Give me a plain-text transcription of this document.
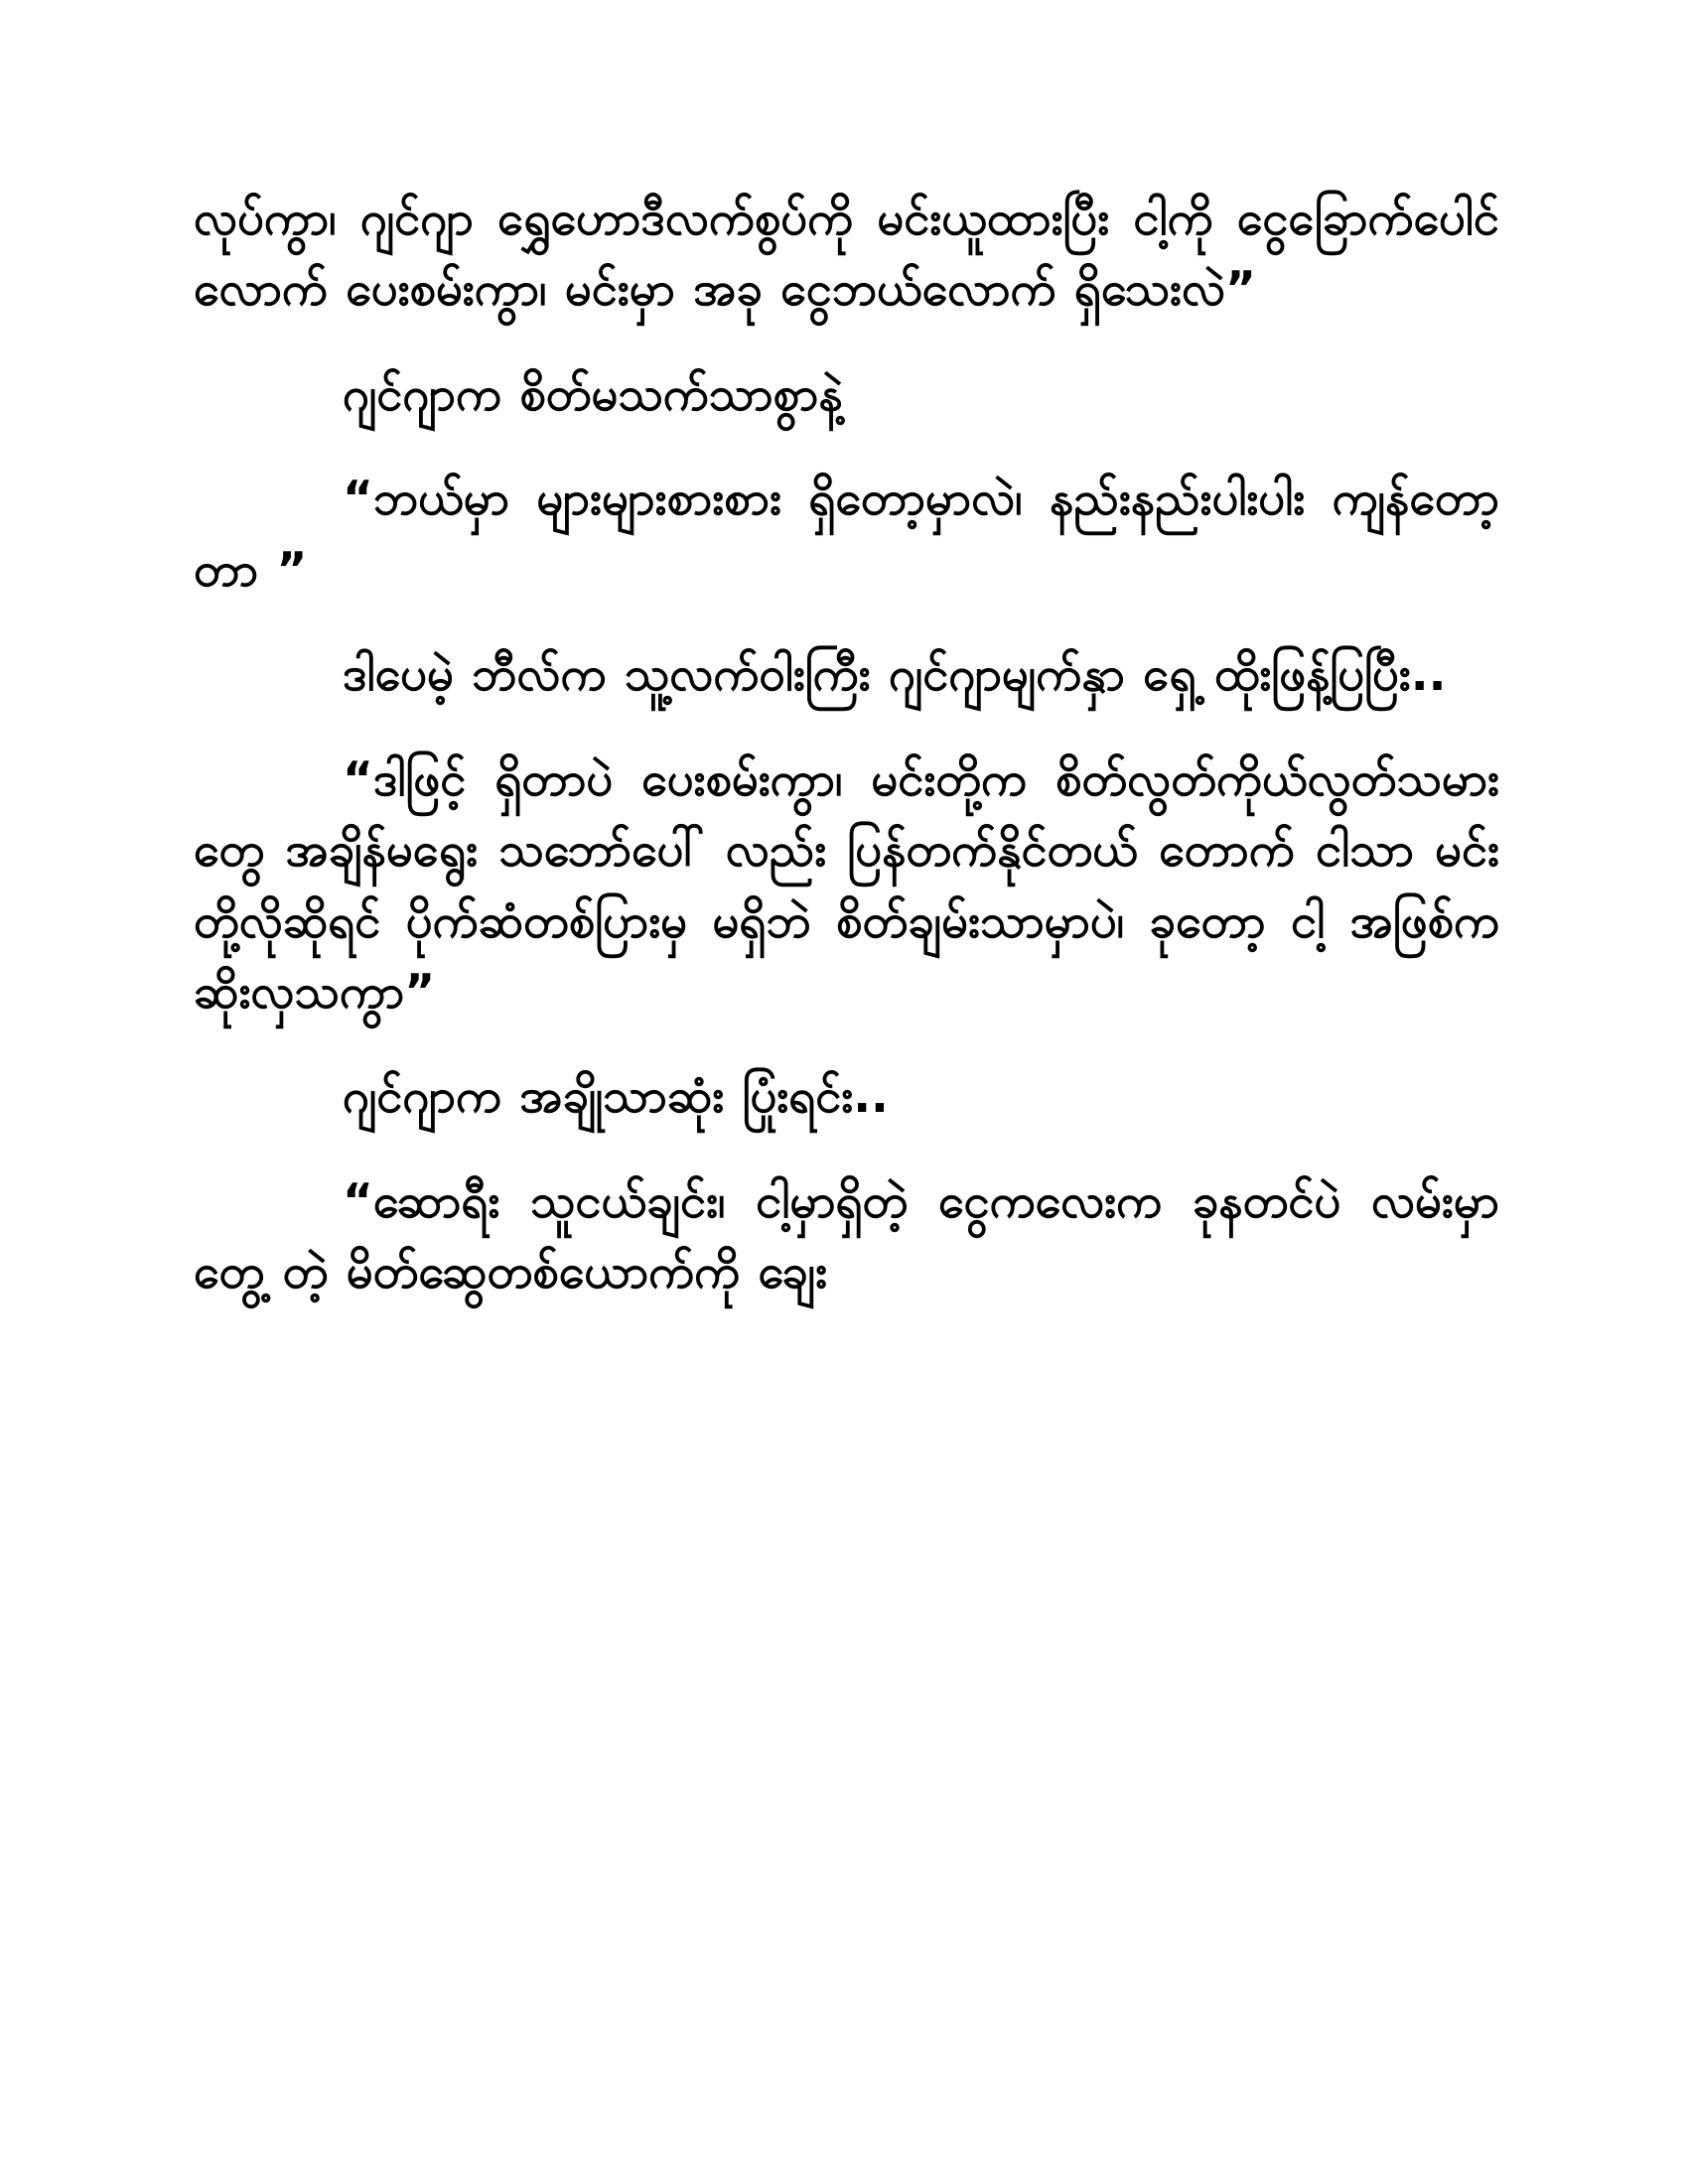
လုပ်ကွာ၊ ဂျင်ဂျာ ရွှေဟောဒီလက်စွပ်ကို မင်းယူထားပြီး ငါ့ကို ငွေခြောက်ပေါင်လောက် ပေးစမ်းကွာ၊ မင်းမှာ အခု ငွေဘယ်လောက် ရှိသေးလဲ”

ဂျင်ဂျာက စိတ်မသက်သာစွာနဲ့

“ဘယ်မှာ များများစားစား ရှိတော့မှာလဲ၊ နည်းနည်းပါးပါး ကျန်တော့တာ ”

ဒါပေမဲ့ ဘီလ်က သူ့လက်ဝါးကြီး ဂျင်ဂျာမျက်နှာ ရှေ့ ထိုးဖြန့်ပြပြီး..

“ဒါဖြင့် ရှိတာပဲ ပေးစမ်းကွာ၊ မင်းတို့က စိတ်လွတ်ကိုယ်လွတ်သမားတွေ အချိန်မရွေး သဘော်ပေါ် လည်း ပြန်တက်နိုင်တယ် တောက် ငါသာ မင်းတို့လိုဆိုရင် ပိုက်ဆံတစ်ပြားမှ မရှိဘဲ စိတ်ချမ်းသာမှာပဲ၊ ခုတော့ ငါ့ အဖြစ်က ဆိုးလှသကွာ”

ဂျင်ဂျာက အချိုသာဆုံး ပြုံးရင်း..

“ဆောရီး သူငယ်ချင်း၊ ငါ့မှာရှိတဲ့ ငွေကလေးက ခုနတင်ပဲ လမ်းမှာတွေ့ တဲ့ မိတ်ဆွေတစ်ယောက်ကို ချေး
